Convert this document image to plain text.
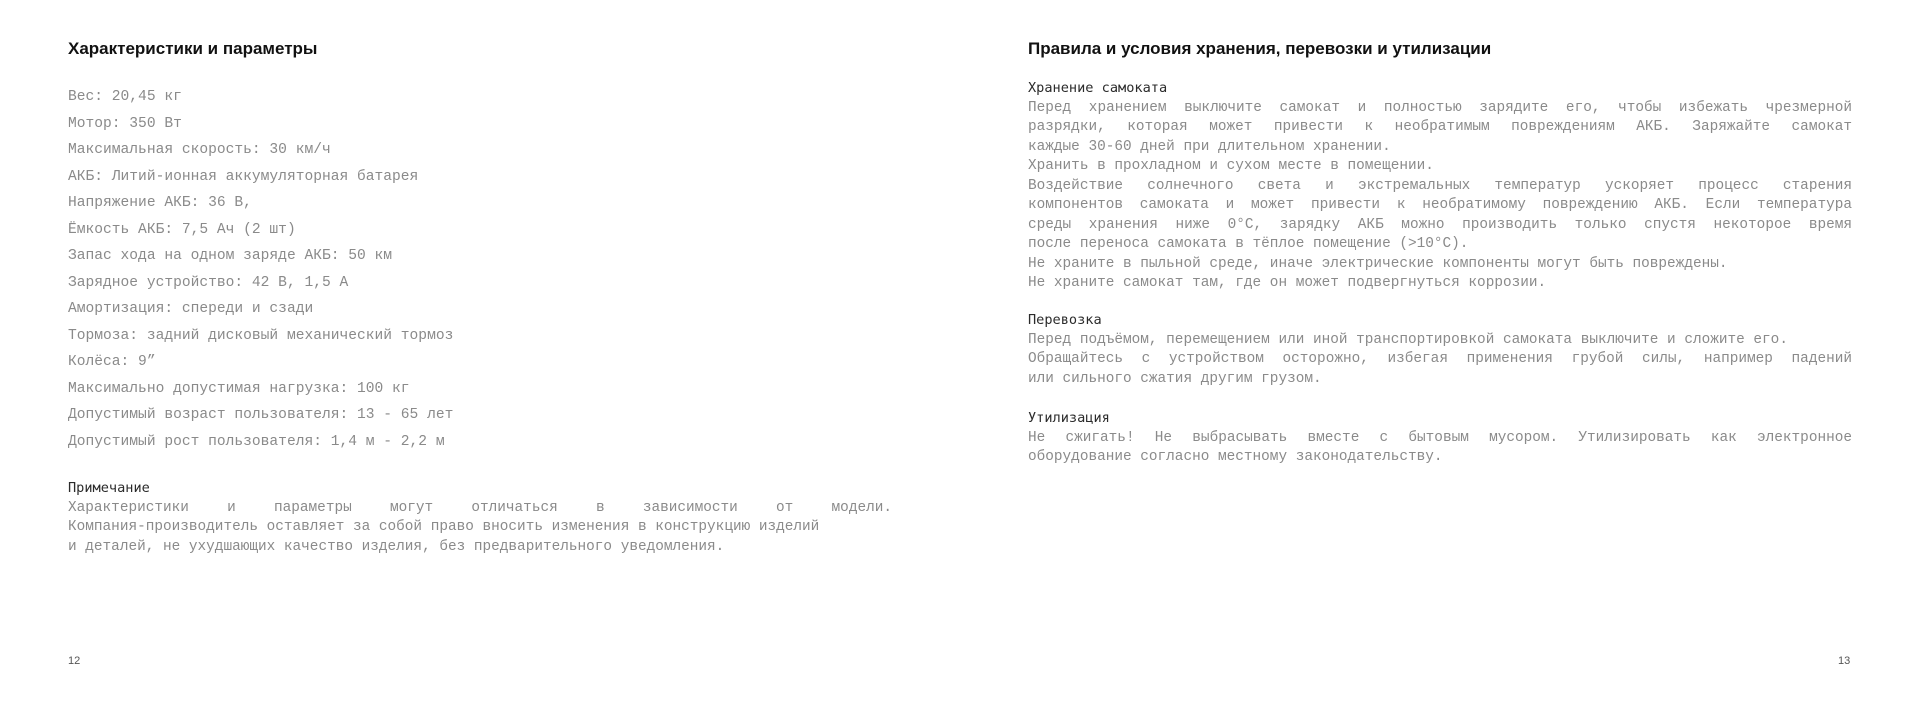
Характеристики и параметры
Вес: 20,45 кг
Мотор: 350 Вт
Максимальная скорость: 30 км/ч
АКБ: Литий-ионная аккумуляторная батарея
Напряжение АКБ: 36 В,
Ёмкость АКБ: 7,5 Ач (2 шт)
Запас хода на одном заряде АКБ: 50 км
Зарядное устройство: 42 В, 1,5 А
Амортизация: спереди и сзади
Тормоза: задний дисковый механический тормоз
Колёса: 9”
Максимально допустимая нагрузка: 100 кг
Допустимый возраст пользователя: 13 - 65 лет
Допустимый рост пользователя: 1,4 м - 2,2 м

Примечание

Характеристики и параметры могут отличаться в зависимости от модели.
Компания-производитель оставляет за собой право вносить изменения в конструкцию изделий
и деталей, не ухудшающих качество изделия, без предварительного уведомления.

12
Правила и условия хранения, перевозки и утилизации

Хранение самоката

Перед хранением выключите самокат и полностью зарядите его, чтобы избежать чрезмерной
разрядки, которая может привести к необратимым повреждениям АКБ. Заряжайте самокат
каждые 30-60 дней при длительном хранении.
Хранить в прохладном и сухом месте в помещении.
Воздействие солнечного света и экстремальных температур ускоряет процесс старения
компонентов самоката и может привести к необратимому повреждению АКБ. Если температура
среды хранения ниже 0°C, зарядку АКБ можно производить только спустя некоторое время
после переноса самоката в тёплое помещение (>10°C).
Не храните в пыльной среде, иначе электрические компоненты могут быть повреждены.
Не храните самокат там, где он может подвергнуться коррозии.

Перевозка

Перед подъёмом, перемещением или иной транспортировкой самоката выключите и сложите его.
Обращайтесь с устройством осторожно, избегая применения грубой силы, например падений
или сильного сжатия другим грузом.

Утилизация

Не сжигать! Не выбрасывать вместе с бытовым мусором. Утилизировать как электронное
оборудование согласно местному законодательству.

13
